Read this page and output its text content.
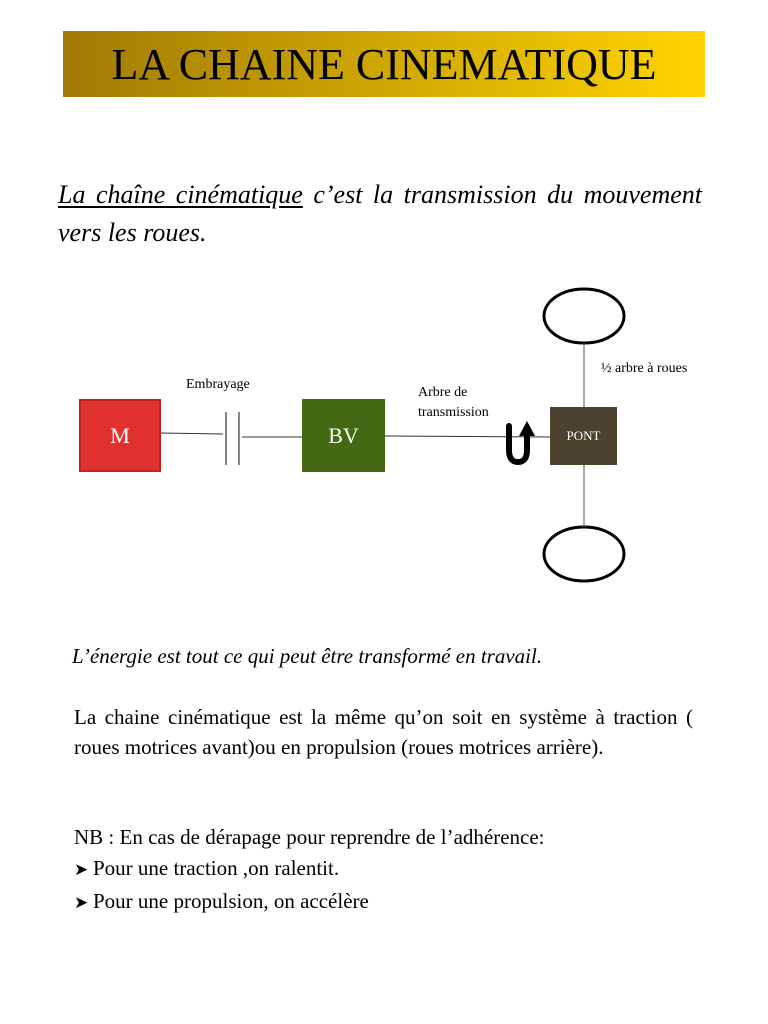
LA CHAINE CINEMATIQUE
La chaîne cinématique c’est la transmission du mouvement vers les roues.
M
Embrayage
BV
Arbre de
transmission
PONT
½ arbre à roues
L’énergie est tout ce qui peut être transformé en travail.
La chaine cinématique est la même qu’on soit en système à traction ( roues motrices avant)ou en propulsion (roues motrices arrière).
NB : En cas de dérapage pour reprendre de l’adhérence:
➤ Pour une traction ,on ralentit.
➤ Pour une propulsion, on accélère
